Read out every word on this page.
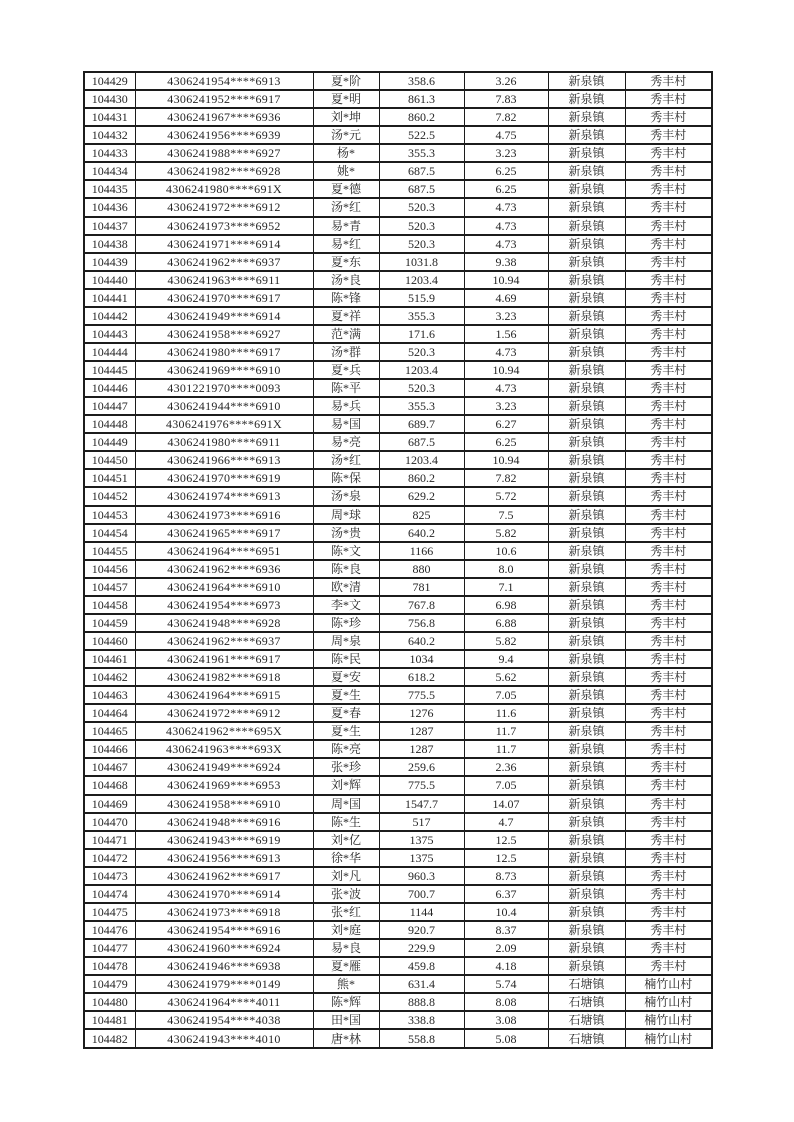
104429	4306241954****6913	夏*阶	358.6	3.26	新泉镇	秀丰村
104430	4306241952****6917	夏*明	861.3	7.83	新泉镇	秀丰村
104431	4306241967****6936	刘*坤	860.2	7.82	新泉镇	秀丰村
104432	4306241956****6939	汤*元	522.5	4.75	新泉镇	秀丰村
104433	4306241988****6927	杨*	355.3	3.23	新泉镇	秀丰村
104434	4306241982****6928	姚*	687.5	6.25	新泉镇	秀丰村
104435	4306241980****691X	夏*德	687.5	6.25	新泉镇	秀丰村
104436	4306241972****6912	汤*红	520.3	4.73	新泉镇	秀丰村
104437	4306241973****6952	易*青	520.3	4.73	新泉镇	秀丰村
104438	4306241971****6914	易*红	520.3	4.73	新泉镇	秀丰村
104439	4306241962****6937	夏*东	1031.8	9.38	新泉镇	秀丰村
104440	4306241963****6911	汤*良	1203.4	10.94	新泉镇	秀丰村
104441	4306241970****6917	陈*锋	515.9	4.69	新泉镇	秀丰村
104442	4306241949****6914	夏*祥	355.3	3.23	新泉镇	秀丰村
104443	4306241958****6927	范*满	171.6	1.56	新泉镇	秀丰村
104444	4306241980****6917	汤*群	520.3	4.73	新泉镇	秀丰村
104445	4306241969****6910	夏*兵	1203.4	10.94	新泉镇	秀丰村
104446	4301221970****0093	陈*平	520.3	4.73	新泉镇	秀丰村
104447	4306241944****6910	易*兵	355.3	3.23	新泉镇	秀丰村
104448	4306241976****691X	易*国	689.7	6.27	新泉镇	秀丰村
104449	4306241980****6911	易*亮	687.5	6.25	新泉镇	秀丰村
104450	4306241966****6913	汤*红	1203.4	10.94	新泉镇	秀丰村
104451	4306241970****6919	陈*保	860.2	7.82	新泉镇	秀丰村
104452	4306241974****6913	汤*泉	629.2	5.72	新泉镇	秀丰村
104453	4306241973****6916	周*球	825	7.5	新泉镇	秀丰村
104454	4306241965****6917	汤*贵	640.2	5.82	新泉镇	秀丰村
104455	4306241964****6951	陈*文	1166	10.6	新泉镇	秀丰村
104456	4306241962****6936	陈*良	880	8.0	新泉镇	秀丰村
104457	4306241964****6910	欧*清	781	7.1	新泉镇	秀丰村
104458	4306241954****6973	李*文	767.8	6.98	新泉镇	秀丰村
104459	4306241948****6928	陈*珍	756.8	6.88	新泉镇	秀丰村
104460	4306241962****6937	周*泉	640.2	5.82	新泉镇	秀丰村
104461	4306241961****6917	陈*民	1034	9.4	新泉镇	秀丰村
104462	4306241982****6918	夏*安	618.2	5.62	新泉镇	秀丰村
104463	4306241964****6915	夏*生	775.5	7.05	新泉镇	秀丰村
104464	4306241972****6912	夏*春	1276	11.6	新泉镇	秀丰村
104465	4306241962****695X	夏*生	1287	11.7	新泉镇	秀丰村
104466	4306241963****693X	陈*亮	1287	11.7	新泉镇	秀丰村
104467	4306241949****6924	张*珍	259.6	2.36	新泉镇	秀丰村
104468	4306241969****6953	刘*辉	775.5	7.05	新泉镇	秀丰村
104469	4306241958****6910	周*国	1547.7	14.07	新泉镇	秀丰村
104470	4306241948****6916	陈*生	517	4.7	新泉镇	秀丰村
104471	4306241943****6919	刘*亿	1375	12.5	新泉镇	秀丰村
104472	4306241956****6913	徐*华	1375	12.5	新泉镇	秀丰村
104473	4306241962****6917	刘*凡	960.3	8.73	新泉镇	秀丰村
104474	4306241970****6914	张*波	700.7	6.37	新泉镇	秀丰村
104475	4306241973****6918	张*红	1144	10.4	新泉镇	秀丰村
104476	4306241954****6916	刘*庭	920.7	8.37	新泉镇	秀丰村
104477	4306241960****6924	易*良	229.9	2.09	新泉镇	秀丰村
104478	4306241946****6938	夏*雁	459.8	4.18	新泉镇	秀丰村
104479	4306241979****0149	熊*	631.4	5.74	石塘镇	楠竹山村
104480	4306241964****4011	陈*辉	888.8	8.08	石塘镇	楠竹山村
104481	4306241954****4038	田*国	338.8	3.08	石塘镇	楠竹山村
104482	4306241943****4010	唐*林	558.8	5.08	石塘镇	楠竹山村
